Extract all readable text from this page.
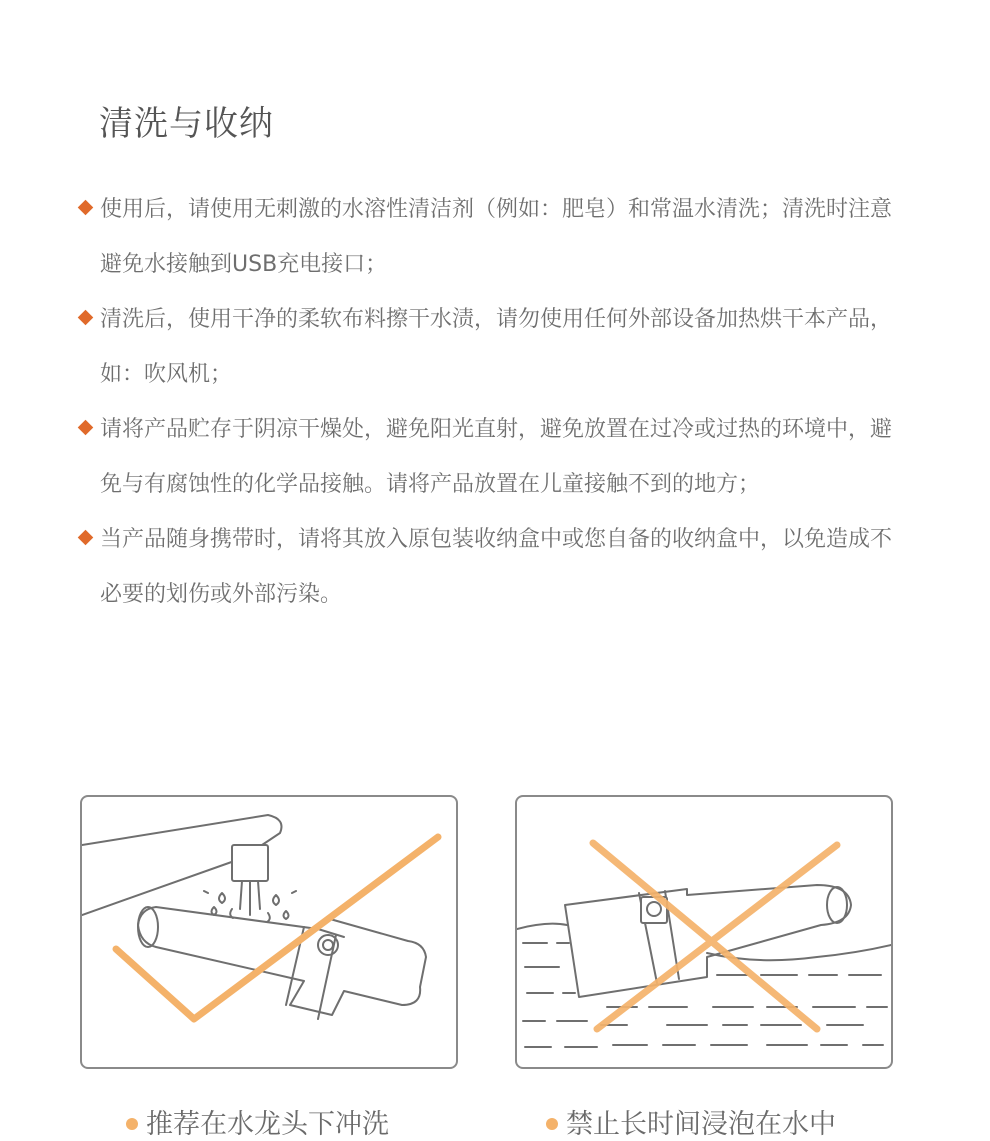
清洗与收纳
使用后，请使用无刺激的水溶性清洁剂（例如：肥皂）和常温水清洗；清洗时注意避免水接触到USB充电接口；
清洗后，使用干净的柔软布料擦干水渍，请勿使用任何外部设备加热烘干本产品，如：吹风机；
请将产品贮存于阴凉干燥处，避免阳光直射，避免放置在过冷或过热的环境中，避免与有腐蚀性的化学品接触。请将产品放置在儿童接触不到的地方；
当产品随身携带时，请将其放入原包装收纳盒中或您自备的收纳盒中，以免造成不必要的划伤或外部污染。
推荐在水龙头下冲洗	禁止长时间浸泡在水中
